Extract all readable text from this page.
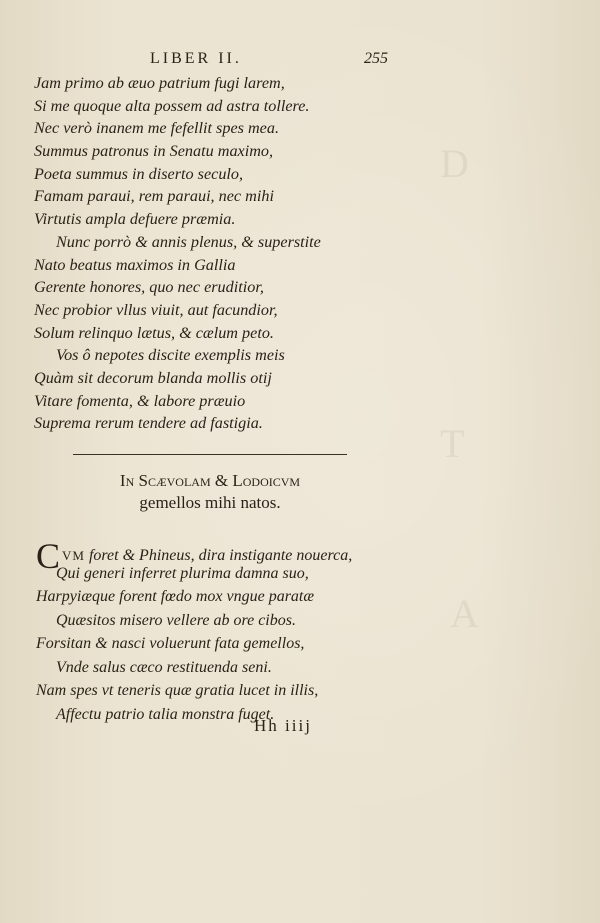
D
T
A
LIBER II.	255
Jam primo ab æuo patrium fugi larem,
Si me quoque alta possem ad astra tollere.
Nec verò inanem me fefellit spes mea.
Summus patronus in Senatu maximo,
Poeta summus in diserto seculo,
Famam paraui, rem paraui, nec mihi
Virtutis ampla defuere præmia.
Nunc porrò & annis plenus, & superstite
Nato beatus maximos in Gallia
Gerente honores, quo nec eruditior,
Nec probior vllus viuit, aut facundior,
Solum relinquo lætus, & cælum peto.
Vos ô nepotes discite exemplis meis
Quàm sit decorum blanda mollis otij
Vitare fomenta, & labore præuio
Suprema rerum tendere ad fastigia.
In Scævolam & Lodoicvm
gemellos mihi natos.
CVM foret & Phineus, dira instigante nouerca,
Qui generi inferret plurima damna suo,
Harpyiæque forent fœdo mox vngue paratæ
Quæsitos misero vellere ab ore cibos.
Forsitan & nasci voluerunt fata gemellos,
Vnde salus cæco restituenda seni.
Nam spes vt teneris quæ gratia lucet in illis,
Affectu patrio talia monstra fuget.
Hh iiij
